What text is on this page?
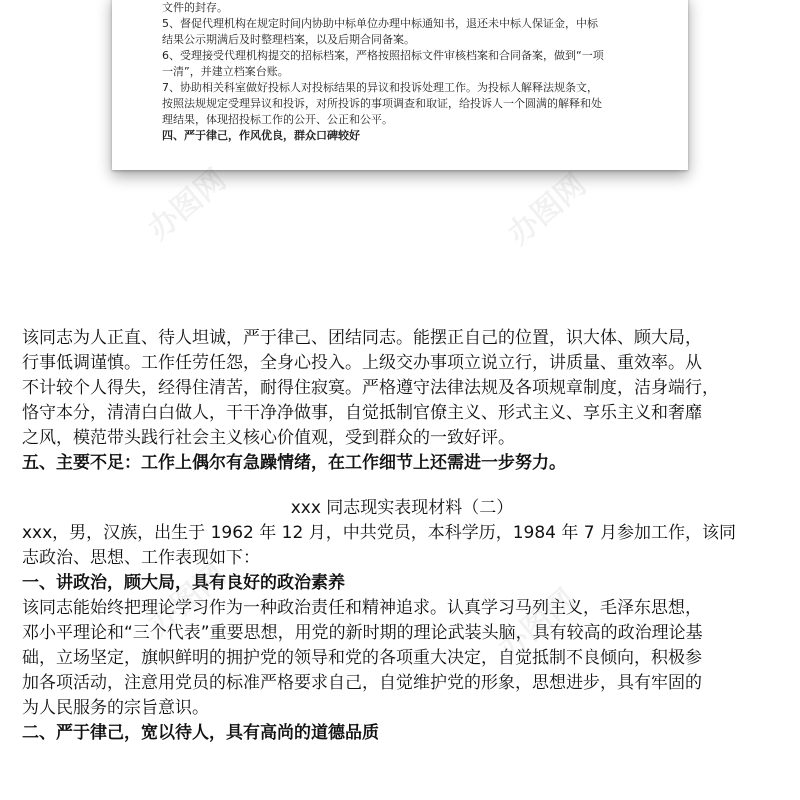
文件的封存。
5、督促代理机构在规定时间内协助中标单位办理中标通知书，退还未中标人保证金，中标
结果公示期满后及时整理档案，以及后期合同备案。
6、受理接受代理机构提交的招标档案，严格按照招标文件审核档案和合同备案，做到“一项
一清”，并建立档案台账。
7、协助相关科室做好投标人对投标结果的异议和投诉处理工作。为投标人解释法规条文，
按照法规规定受理异议和投诉，对所投诉的事项调查和取证，给投诉人一个圆满的解释和处
理结果，体现招投标工作的公开、公正和公平。
四、严于律己，作风优良，群众口碑较好
办图网	办图网
办图网	办图网
该同志为人正直、待人坦诚，严于律己、团结同志。能摆正自己的位置，识大体、顾大局，
行事低调谨慎。工作任劳任怨，全身心投入。上级交办事项立说立行，讲质量、重效率。从
不计较个人得失，经得住清苦，耐得住寂寞。严格遵守法律法规及各项规章制度，洁身端行，
恪守本分，清清白白做人，干干净净做事，自觉抵制官僚主义、形式主义、享乐主义和奢靡
之风，模范带头践行社会主义核心价值观，受到群众的一致好评。
五、主要不足：工作上偶尔有急躁情绪，在工作细节上还需进一步努力。
xxx 同志现实表现材料（二）
xxx，男，汉族，出生于 1962 年 12 月，中共党员，本科学历，1984 年 7 月参加工作，该同
志政治、思想、工作表现如下：
一、讲政治，顾大局，具有良好的政治素养
该同志能始终把理论学习作为一种政治责任和精神追求。认真学习马列主义，毛泽东思想，
邓小平理论和“三个代表”重要思想，用党的新时期的理论武装头脑，具有较高的政治理论基
础，立场坚定，旗帜鲜明的拥护党的领导和党的各项重大决定，自觉抵制不良倾向，积极参
加各项活动，注意用党员的标准严格要求自己，自觉维护党的形象，思想进步，具有牢固的
为人民服务的宗旨意识。
二、严于律己，宽以待人，具有高尚的道德品质
